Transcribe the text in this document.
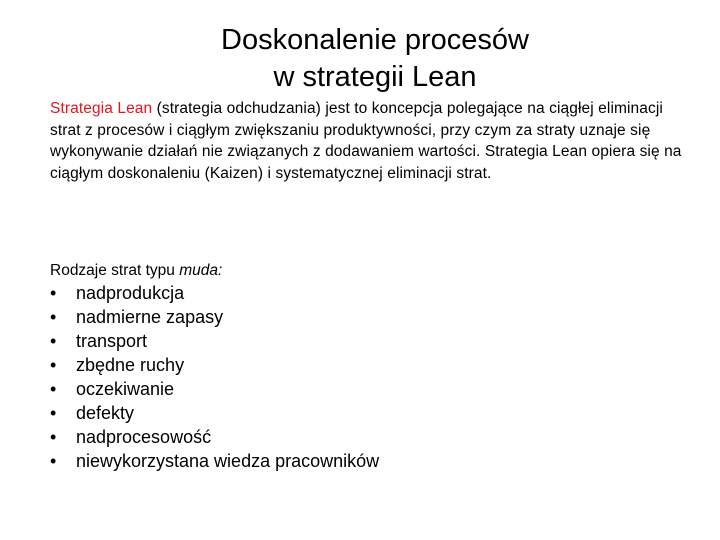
Doskonalenie procesów
w strategii Lean
Strategia Lean (strategia odchudzania) jest to koncepcja polegające na ciągłej eliminacji strat z procesów i ciągłym zwiększaniu produktywności, przy czym za straty uznaje się wykonywanie działań nie związanych z dodawaniem wartości. Strategia Lean opiera się na ciągłym doskonaleniu (Kaizen) i systematycznej eliminacji strat.
Rodzaje strat typu muda:
•	nadprodukcja
•	nadmierne zapasy
•	transport
•	zbędne ruchy
•	oczekiwanie
•	defekty
•	nadprocesowość
•	niewykorzystana wiedza pracowników
